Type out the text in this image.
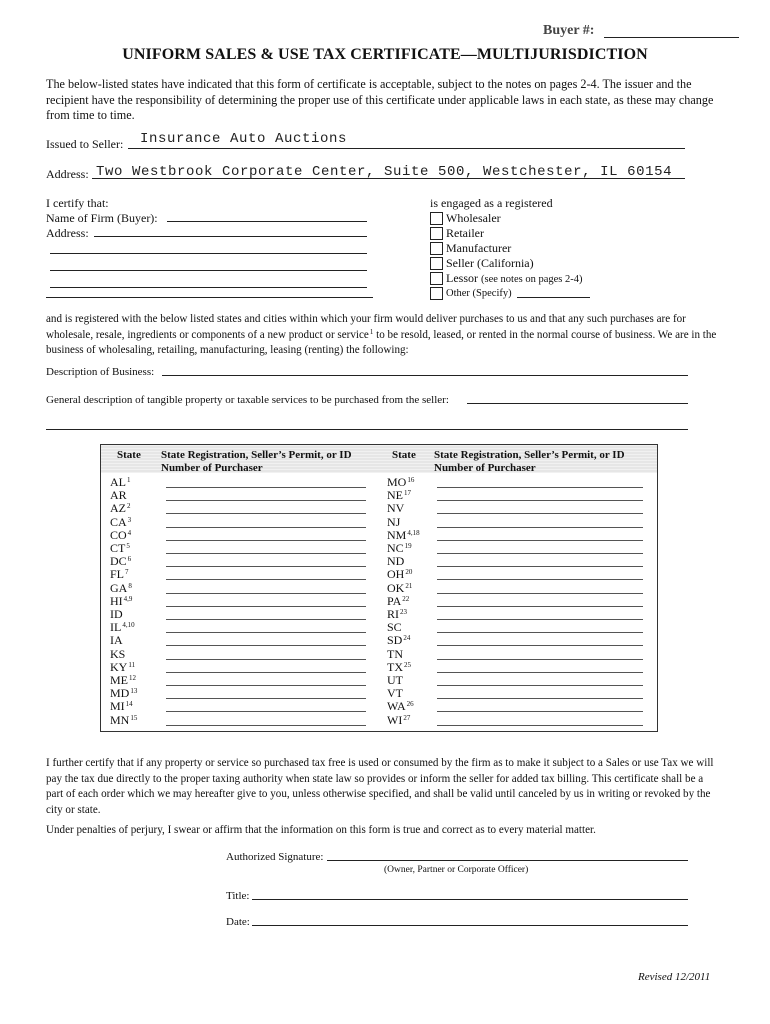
Buyer #:
UNIFORM SALES & USE TAX CERTIFICATE—MULTIJURISDICTION
The below-listed states have indicated that this form of certificate is acceptable, subject to the notes on pages 2-4. The issuer and the recipient have the responsibility of determining the proper use of this certificate under applicable laws in each state, as these may change from time to time.
Issued to Seller: Insurance Auto Auctions
Address: Two Westbrook Corporate Center, Suite 500, Westchester, IL 60154
I certify that:
Name of Firm (Buyer):
Address:
is engaged as a registered
Wholesaler
Retailer
Manufacturer
Seller (California)
Lessor (see notes on pages 2-4)
Other (Specify)
and is registered with the below listed states and cities within which your firm would deliver purchases to us and that any such purchases are for wholesale, resale, ingredients or components of a new product or service$^1$ to be resold, leased, or rented in the normal course of business. We are in the business of wholesaling, retailing, manufacturing, leasing (renting) the following:
Description of Business:
General description of tangible property or taxable services to be purchased from the seller:
State State Registration, Seller’s Permit, or ID
Number of Purchaser
State State Registration, Seller’s Permit, or ID
Number of Purchaser
$AL^1$
AR
$AZ^2$
$CA^3$
$CO^4$
$CT^5$
$DC^6$
$FL^7$
$GA^8$
HI$^{4,9}$
ID
IL$^{4,10}$
IA
KS
KY$^{11}$
ME$^{12}$
MD$^{13}$
MI$^{14}$
MN$^{15}$
MO$^{16}$
NE$^{17}$
NV
NJ
NM$^{4,18}$
NC$^{19}$
ND
OH$^{20}$
OK$^{21}$
PA$^{22}$
RI$^{23}$
SC
SD$^{24}$
TN
TX$^{25}$
UT
VT
WA$^{26}$
WI$^{27}$
I further certify that if any property or service so purchased tax free is used or consumed by the firm as to make it subject to a Sales or use Tax we will pay the tax due directly to the proper taxing authority when state law so provides or inform the seller for added tax billing. This certificate shall be a part of each order which we may hereafter give to you, unless otherwise specified, and shall be valid until canceled by us in writing or revoked by the city or state.
Under penalties of perjury, I swear or affirm that the information on this form is true and correct as to every material matter.
Authorized Signature:
(Owner, Partner or Corporate Officer)
Title:
Date:
Revised 12/2011
